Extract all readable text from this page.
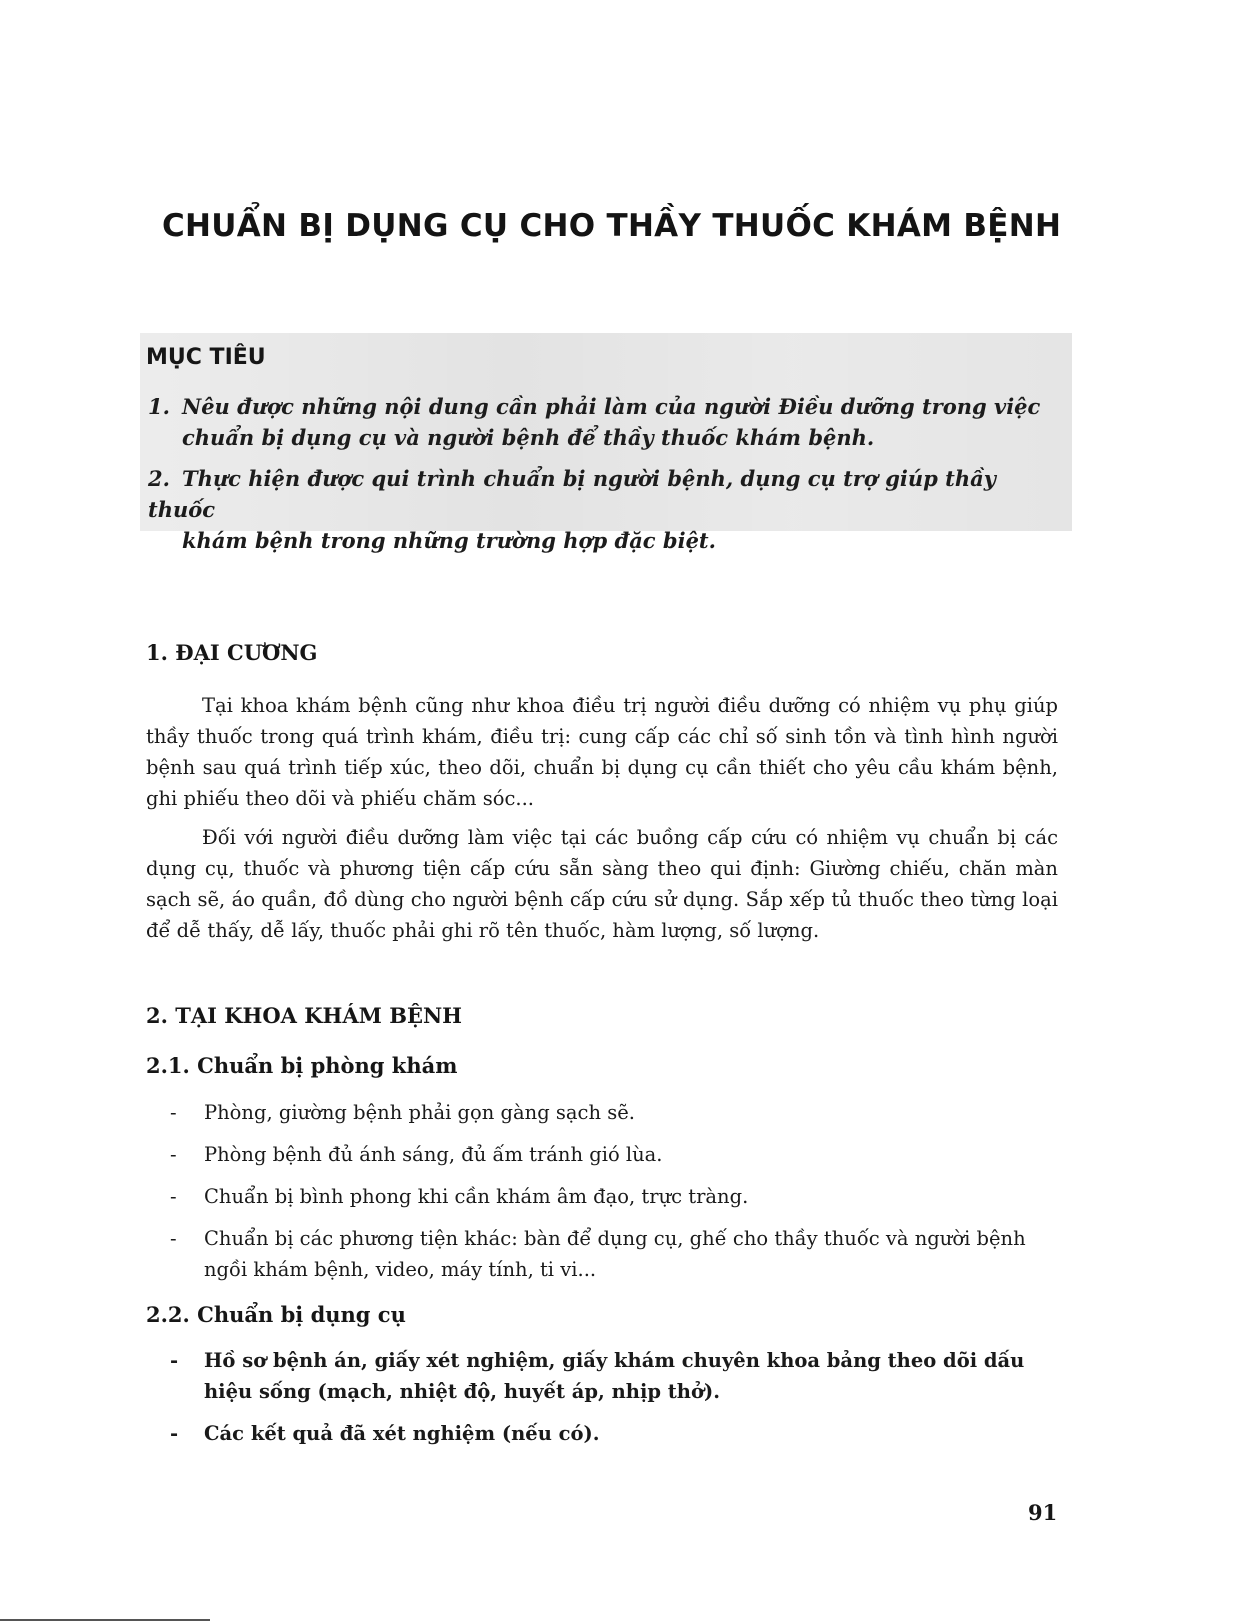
CHUẨN BỊ DỤNG CỤ CHO THẦY THUỐC KHÁM BỆNH
MỤC TIÊU
1. Nêu được những nội dung cần phải làm của người Điều dưỡng trong việc
chuẩn bị dụng cụ và người bệnh để thầy thuốc khám bệnh.
2. Thực hiện được qui trình chuẩn bị người bệnh, dụng cụ trợ giúp thầy thuốc
khám bệnh trong những trường hợp đặc biệt.
1. ĐẠI CƯƠNG
Tại khoa khám bệnh cũng như khoa điều trị người điều dưỡng có nhiệm vụ phụ giúp thầy thuốc trong quá trình khám, điều trị: cung cấp các chỉ số sinh tồn và tình hình người bệnh sau quá trình tiếp xúc, theo dõi, chuẩn bị dụng cụ cần thiết cho yêu cầu khám bệnh, ghi phiếu theo dõi và phiếu chăm sóc...
Đối với người điều dưỡng làm việc tại các buồng cấp cứu có nhiệm vụ chuẩn bị các dụng cụ, thuốc và phương tiện cấp cứu sẵn sàng theo qui định: Giường chiếu, chăn màn sạch sẽ, áo quần, đồ dùng cho người bệnh cấp cứu sử dụng. Sắp xếp tủ thuốc theo từng loại để dễ thấy, dễ lấy, thuốc phải ghi rõ tên thuốc, hàm lượng, số lượng.
2. TẠI KHOA KHÁM BỆNH
2.1. Chuẩn bị phòng khám
- Phòng, giường bệnh phải gọn gàng sạch sẽ.
- Phòng bệnh đủ ánh sáng, đủ ấm tránh gió lùa.
- Chuẩn bị bình phong khi cần khám âm đạo, trực tràng.
- Chuẩn bị các phương tiện khác: bàn để dụng cụ, ghế cho thầy thuốc và người bệnh ngồi khám bệnh, video, máy tính, ti vi...
2.2. Chuẩn bị dụng cụ
- Hồ sơ bệnh án, giấy xét nghiệm, giấy khám chuyên khoa bảng theo dõi dấu hiệu sống (mạch, nhiệt độ, huyết áp, nhịp thở).
- Các kết quả đã xét nghiệm (nếu có).
91
